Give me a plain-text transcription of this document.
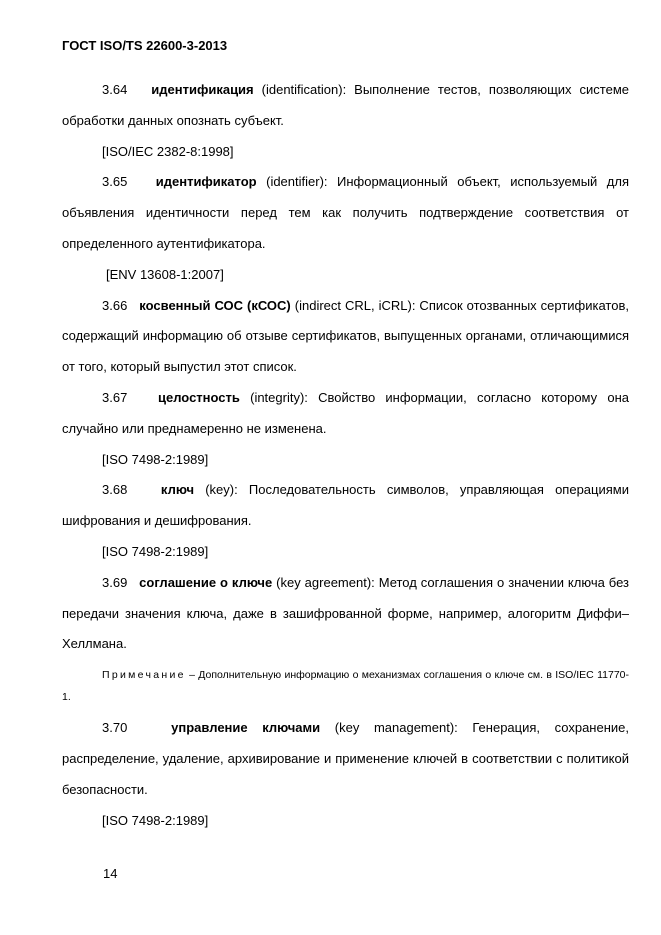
ГОСТ ISO/TS 22600-3-2013

3.64 идентификация (identification): Выполнение тестов, позволяющих системе обработки данных опознать субъект.

[ISO/IEC 2382-8:1998]

3.65 идентификатор (identifier): Информационный объект, используемый для объявления идентичности перед тем как получить подтверждение соответствия от определенного аутентификатора.

[ENV 13608-1:2007]

3.66 косвенный СОС (кСОС) (indirect CRL, iCRL): Список отозванных сертификатов, содержащий информацию об отзыве сертификатов, выпущенных органами, отличающимися от того, который выпустил этот список.

3.67 целостность (integrity): Свойство информации, согласно которому она случайно или преднамеренно не изменена.

[ISO 7498-2:1989]

3.68	ключ (key): Последовательность символов, управляющая операциями шифрования и дешифрования.

[ISO 7498-2:1989]

3.69 соглашение о ключе (key agreement): Метод соглашения о значении ключа без передачи значения ключа, даже в зашифрованной форме, например, алогоритм Диффи–Хеллмана.

Примечание – Дополнительную информацию о механизмах соглашения о ключе см. в ISO/IEC 11770-1.

3.70	управление ключами (key management): Генерация, сохранение, распределение, удаление, архивирование и применение ключей в соответствии с политикой безопасности.

[ISO 7498-2:1989]

14
